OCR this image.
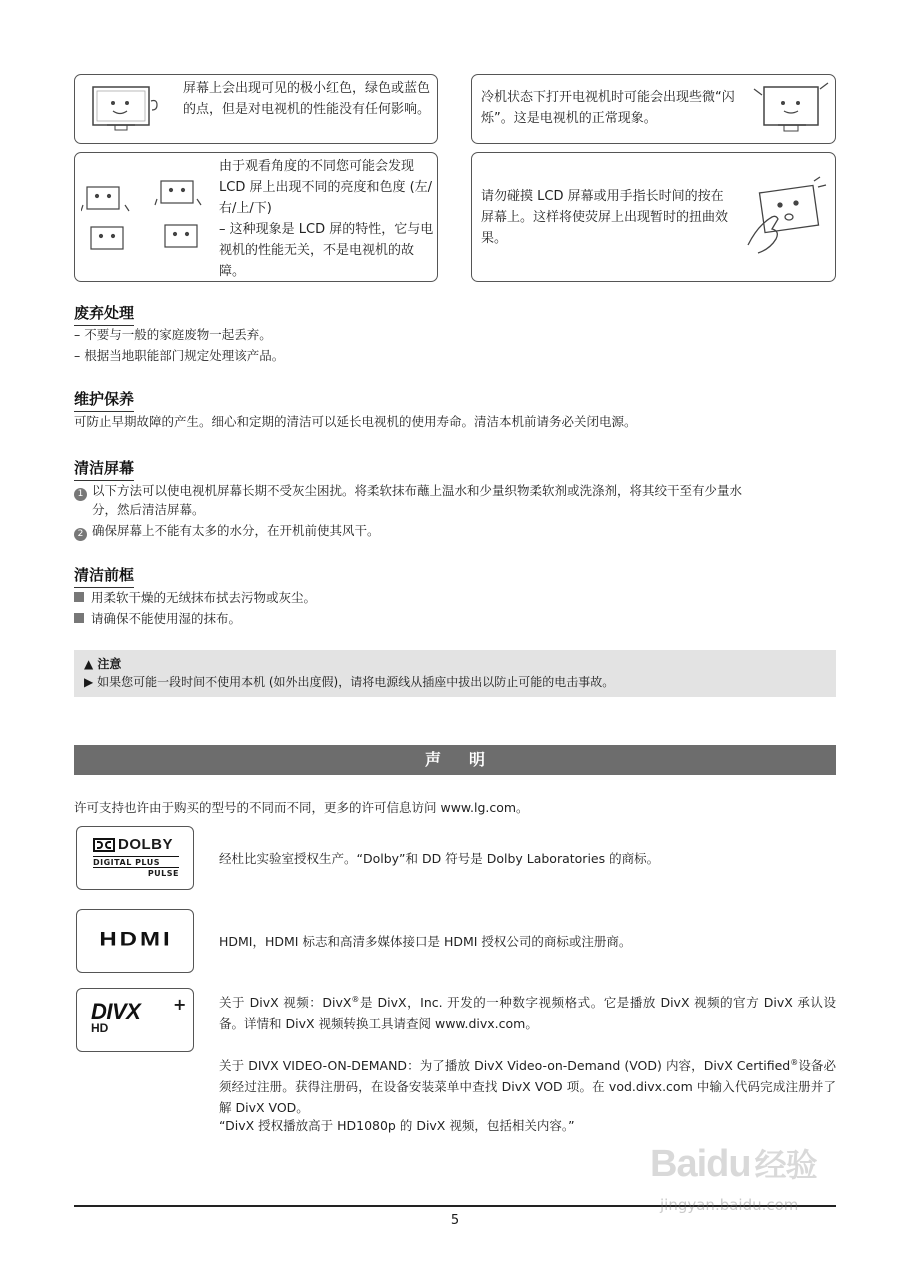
屏幕上会出现可见的极小红色，绿色或蓝色的点，但是对电视机的性能没有任何影响。
冷机状态下打开电视机时可能会出现些微“闪烁”。这是电视机的正常现象。
由于观看角度的不同您可能会发现 LCD 屏上出现不同的亮度和色度 (左/右/上/下)
– 这种现象是 LCD 屏的特性，它与电视机的性能无关，不是电视机的故障。
请勿碰摸 LCD 屏幕或用手指长时间的按在屏幕上。这样将使荧屏上出现暂时的扭曲效果。
废弃处理
– 不要与一般的家庭废物一起丢弃。
– 根据当地职能部门规定处理该产品。
维护保养
可防止早期故障的产生。细心和定期的清洁可以延长电视机的使用寿命。清洁本机前请务必关闭电源。
清洁屏幕
1 以下方法可以使电视机屏幕长期不受灰尘困扰。将柔软抹布蘸上温水和少量织物柔软剂或洗涤剂，将其绞干至有少量水
分，然后清洁屏幕。
2 确保屏幕上不能有太多的水分，在开机前使其风干。
清洁前框
用柔软干燥的无绒抹布拭去污物或灰尘。
请确保不能使用湿的抹布。
▲ 注意
▶ 如果您可能一段时间不使用本机 (如外出度假)，请将电源线从插座中拔出以防止可能的电击事故。
声明
许可支持也许由于购买的型号的不同而不同，更多的许可信息访问 www.lg.com。
DOLBY
DIGITAL PLUS
PULSE
经杜比实验室授权生产。“Dolby”和 DD 符号是 Dolby Laboratories 的商标。
HDMI	HDMI，HDMI 标志和高清多媒体接口是 HDMI 授权公司的商标或注册商。
DIVX +
HD
关于 DivX 视频：DivX®是 DivX，Inc. 开发的一种数字视频格式。它是播放 DivX 视频的官方 DivX 承认设备。详情和 DivX 视频转换工具请查阅 www.divx.com。
关于 DIVX VIDEO-ON-DEMAND：为了播放 DivX Video-on-Demand (VOD) 内容，DivX Certified®设备必须经过注册。获得注册码，在设备安装菜单中查找 DivX VOD 项。在 vod.divx.com 中输入代码完成注册并了解 DivX VOD。
“DivX 授权播放高于 HD1080p 的 DivX 视频，包括相关内容。”
5
Baidu 经验
jingyan.baidu.com
